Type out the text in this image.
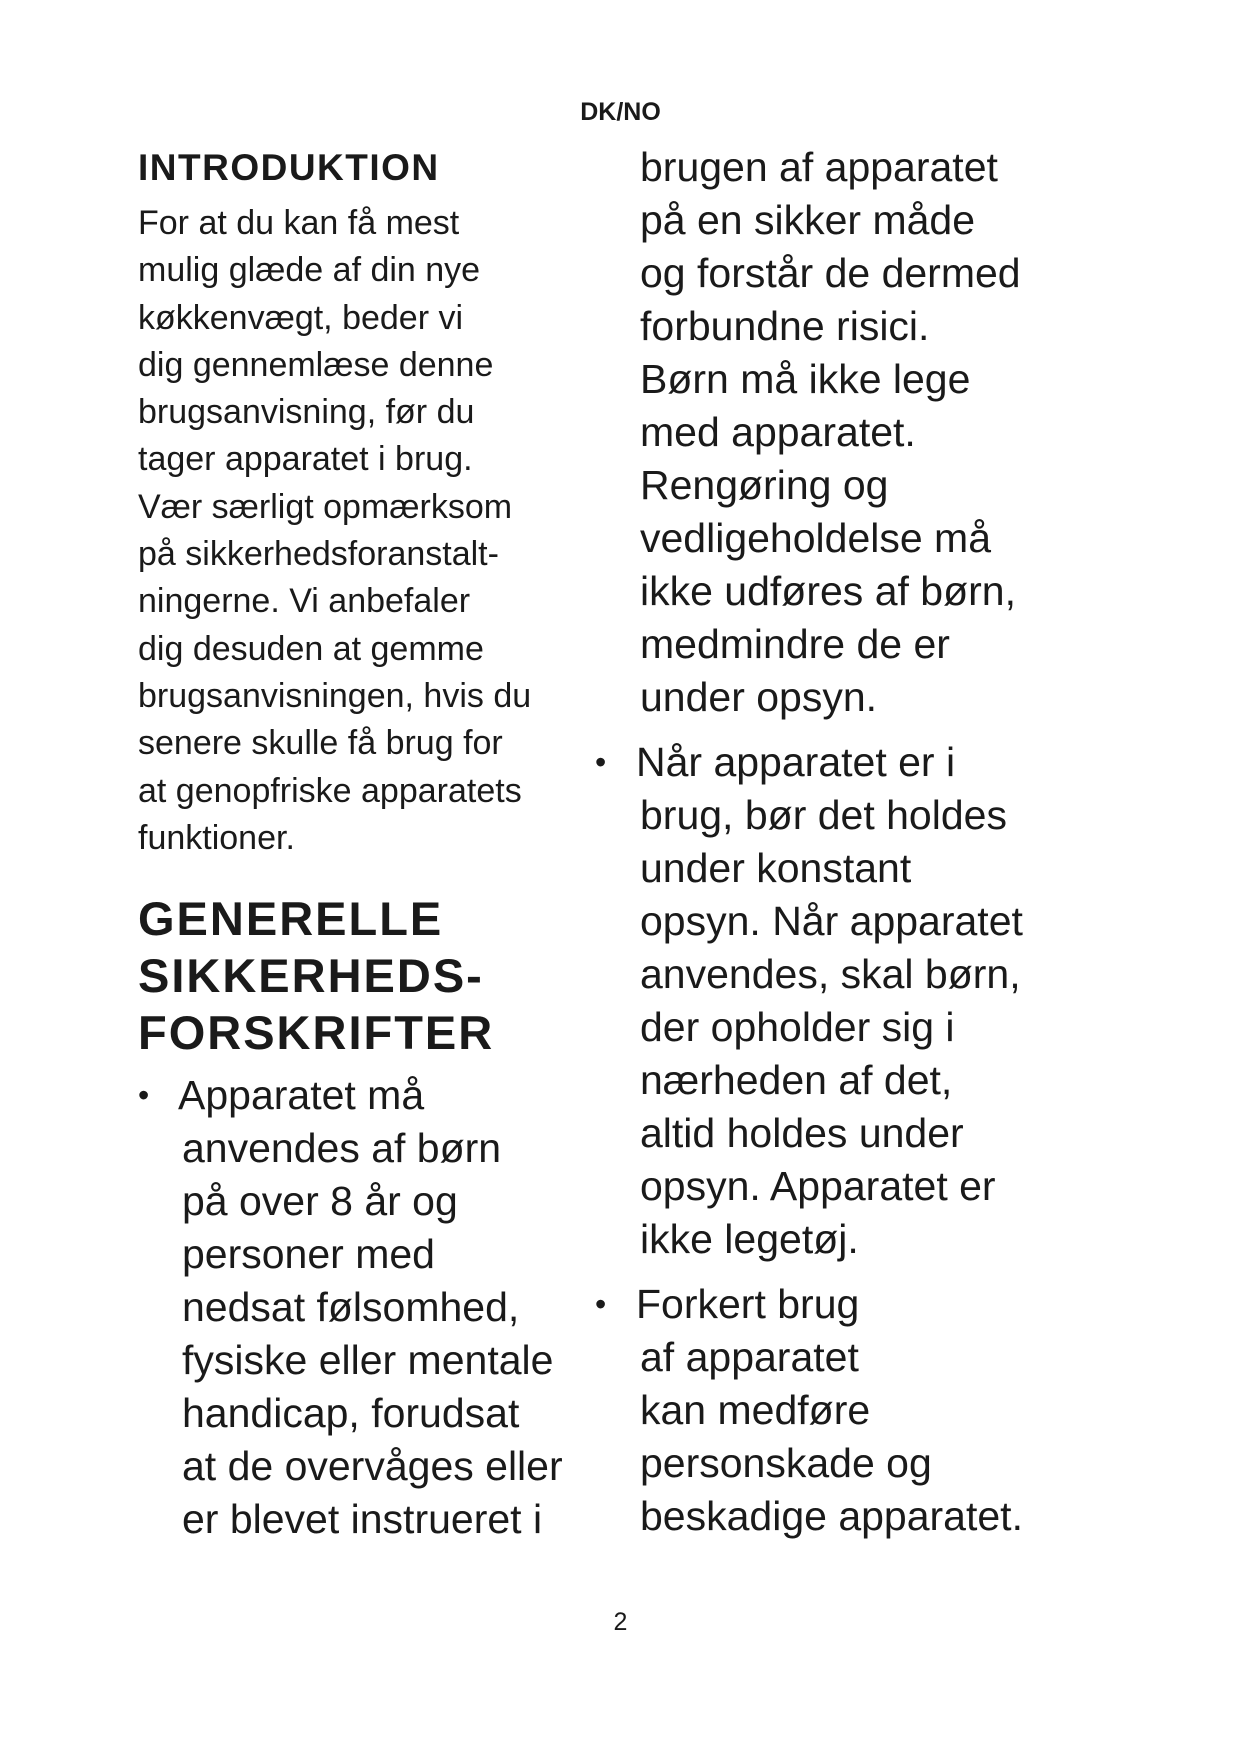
DK/NO
INTRODUKTION

For at du kan få mest
mulig glæde af din nye
køkkenvægt, beder vi
dig gennemlæse denne
brugsanvisning, før du
tager apparatet i brug.
Vær særligt opmærksom
på sikkerhedsforanstalt-
ningerne. Vi anbefaler
dig desuden at gemme
brugsanvisningen, hvis du
senere skulle få brug for
at genopfriske apparatets
funktioner.

GENERELLE
SIKKERHEDS-
FORSKRIFTER
• Apparatet må
anvendes af børn
på over 8 år og
personer med
nedsat følsomhed,
fysiske eller mentale
handicap, forudsat
at de overvåges eller
er blevet instrueret i

brugen af apparatet
på en sikker måde
og forstår de dermed
forbundne risici.
Børn må ikke lege
med apparatet.
Rengøring og
vedligeholdelse må
ikke udføres af børn,
medmindre de er
under opsyn.

• Når apparatet er i
brug, bør det holdes
under konstant
opsyn. Når apparatet
anvendes, skal børn,
der opholder sig i
nærheden af det,
altid holdes under
opsyn. Apparatet er
ikke legetøj.
• Forkert brug
af apparatet
kan medføre
personskade og
beskadige apparatet.
2
